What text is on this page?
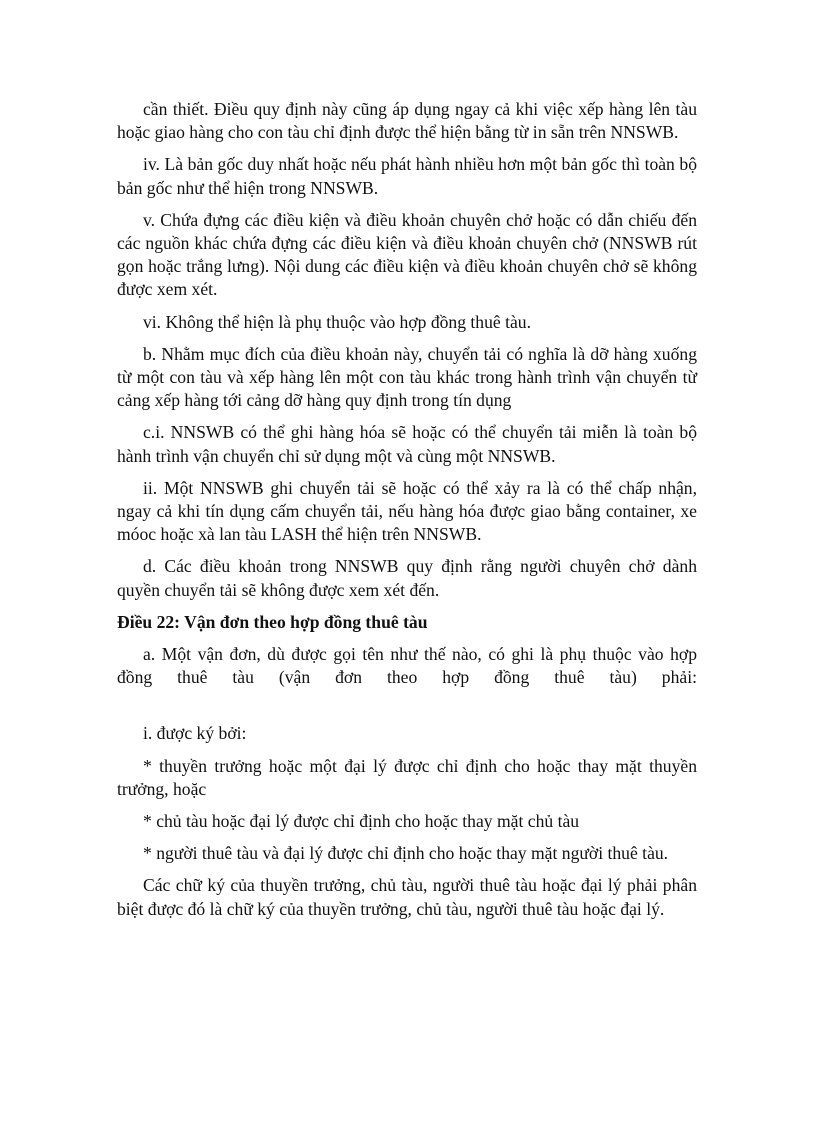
cần thiết. Điều quy định này cũng áp dụng ngay cả khi việc xếp hàng lên tàu hoặc giao hàng cho con tàu chỉ định được thể hiện bằng từ in sẵn trên NNSWB.

iv. Là bản gốc duy nhất hoặc nếu phát hành nhiều hơn một bản gốc thì toàn bộ bản gốc như thể hiện trong NNSWB.

v. Chứa đựng các điều kiện và điều khoản chuyên chở hoặc có dẫn chiếu đến các nguồn khác chứa đựng các điều kiện và điều khoản chuyên chở (NNSWB rút gọn hoặc trắng lưng). Nội dung các điều kiện và điều khoản chuyên chở sẽ không được xem xét.

vi. Không thể hiện là phụ thuộc vào hợp đồng thuê tàu.

b. Nhằm mục đích của điều khoản này, chuyển tải có nghĩa là dỡ hàng xuống từ một con tàu và xếp hàng lên một con tàu khác trong hành trình vận chuyển từ cảng xếp hàng tới cảng dỡ hàng quy định trong tín dụng

c.i. NNSWB có thể ghi hàng hóa sẽ hoặc có thể chuyển tải miễn là toàn bộ hành trình vận chuyển chỉ sử dụng một và cùng một NNSWB.

ii. Một NNSWB ghi chuyển tải sẽ hoặc có thể xảy ra là có thể chấp nhận, ngay cả khi tín dụng cấm chuyển tải, nếu hàng hóa được giao bằng container, xe móoc hoặc xà lan tàu LASH thể hiện trên NNSWB.

d. Các điều khoản trong NNSWB quy định rằng người chuyên chở dành quyền chuyển tải sẽ không được xem xét đến.

Điều 22: Vận đơn theo hợp đồng thuê tàu

a. Một vận đơn, dù được gọi tên như thế nào, có ghi là phụ thuộc vào hợp đồng thuê tàu (vận đơn theo hợp đồng thuê tàu) phải:

i. được ký bởi:

* thuyền trưởng hoặc một đại lý được chỉ định cho hoặc thay mặt thuyền trưởng, hoặc

* chủ tàu hoặc đại lý được chỉ định cho hoặc thay mặt chủ tàu

* người thuê tàu và đại lý được chỉ định cho hoặc thay mặt người thuê tàu.

Các chữ ký của thuyền trưởng, chủ tàu, người thuê tàu hoặc đại lý phải phân biệt được đó là chữ ký của thuyền trưởng, chủ tàu, người thuê tàu hoặc đại lý.
